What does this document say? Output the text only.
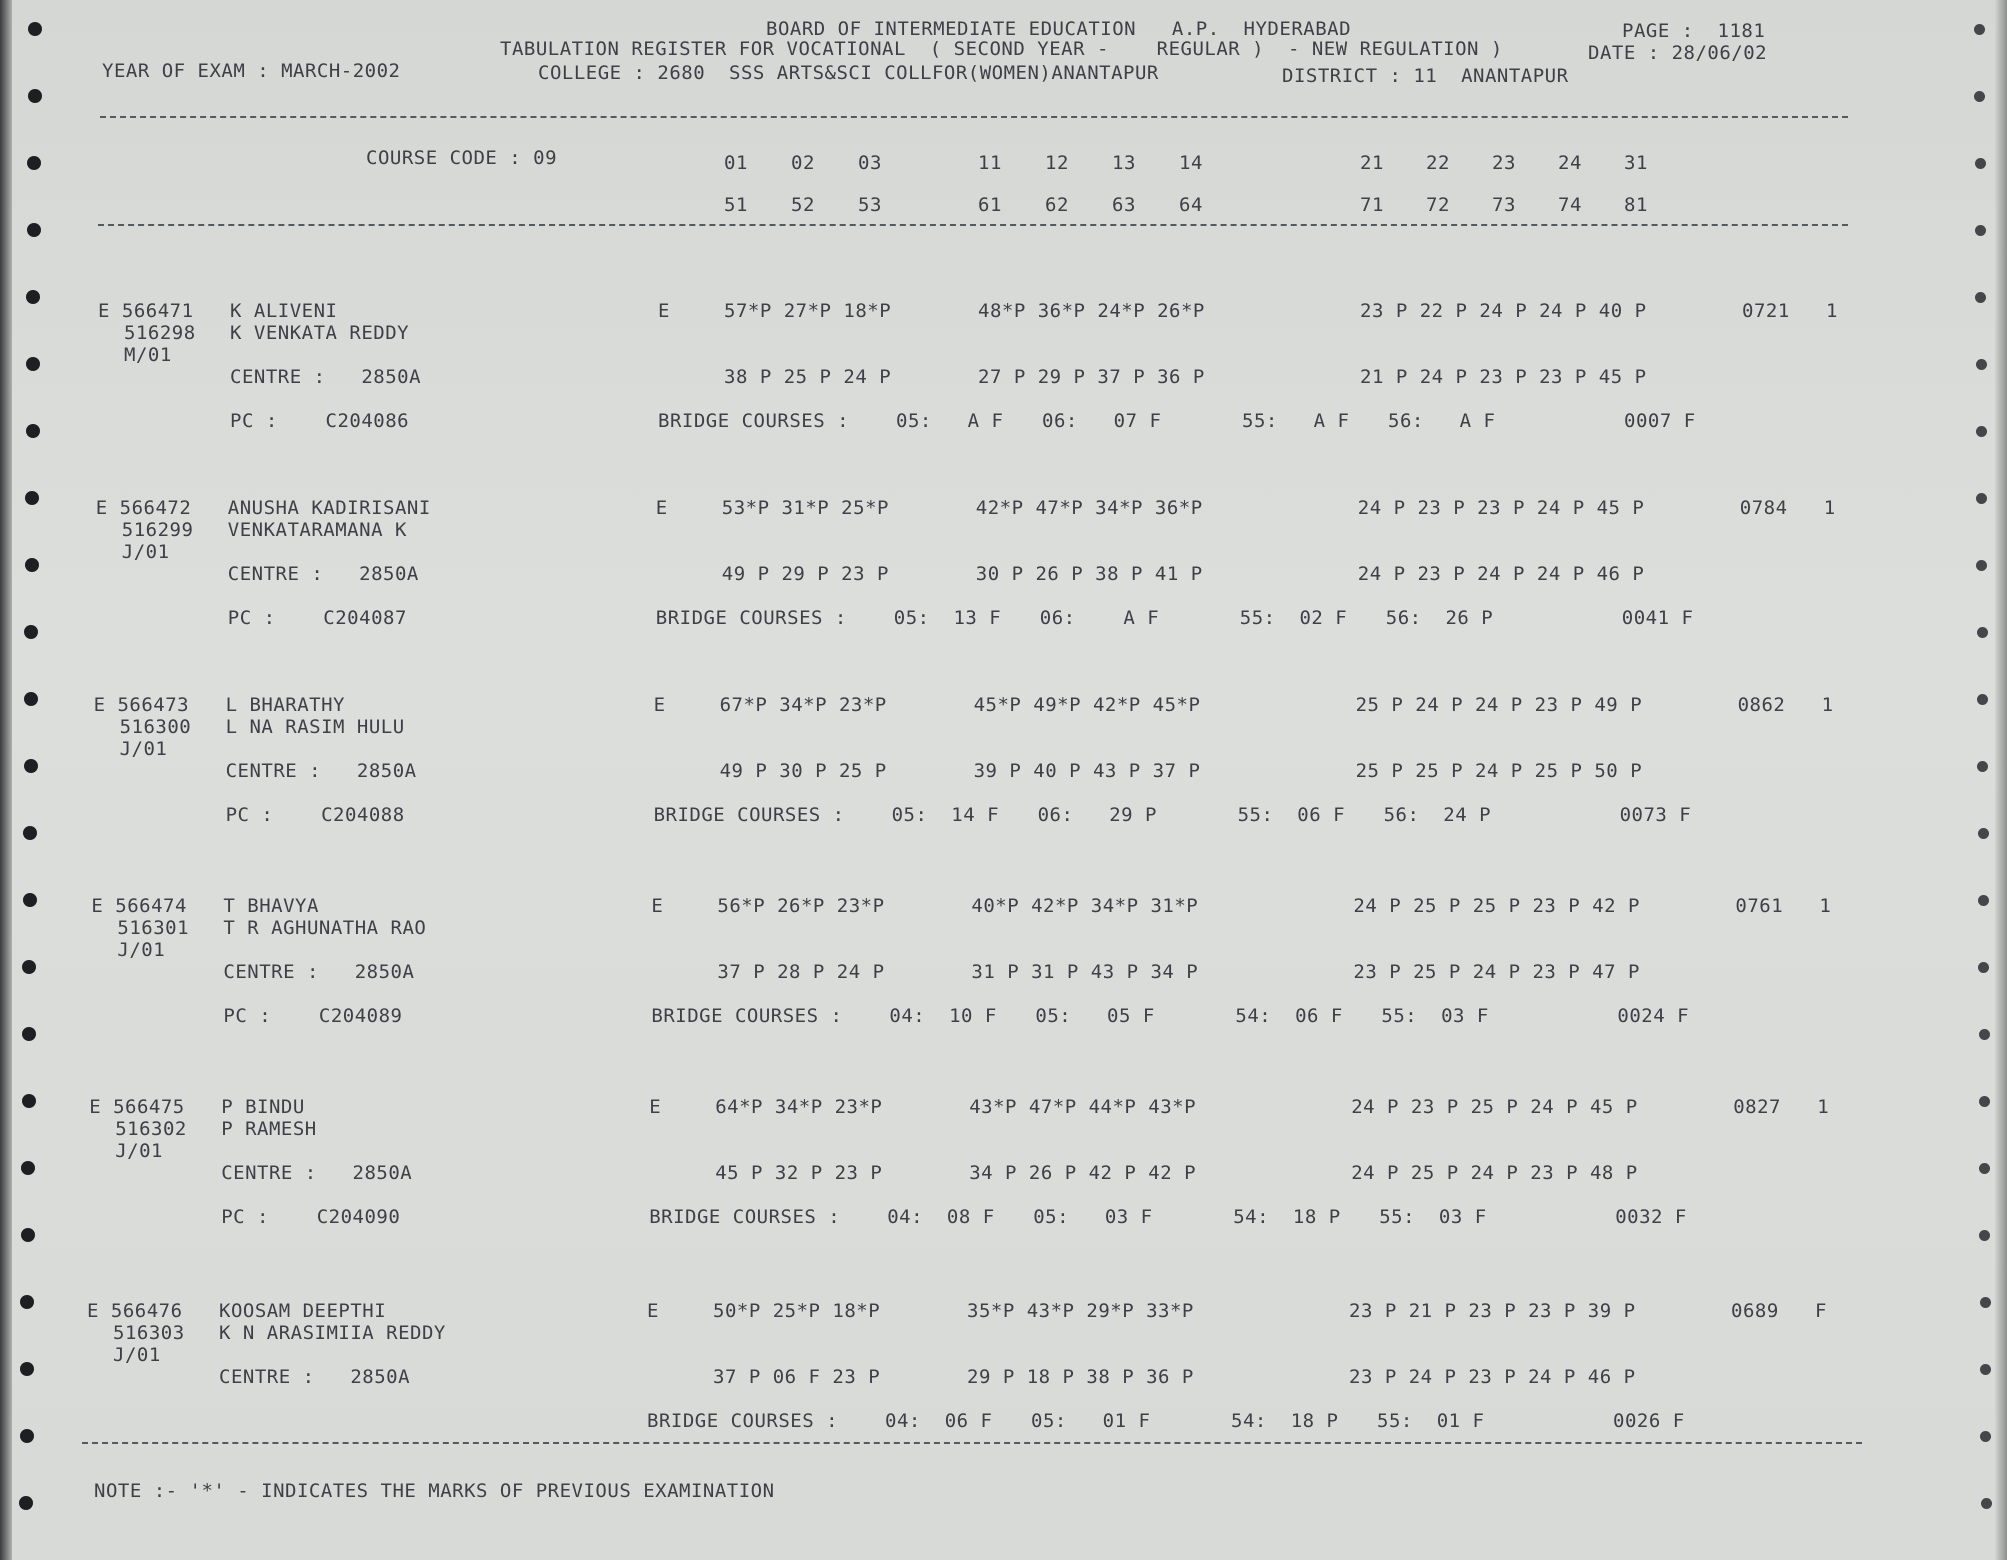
BOARD OF INTERMEDIATE EDUCATION   A.P.  HYDERABAD	PAGE :  1181
TABULATION REGISTER FOR VOCATIONAL  ( SECOND YEAR -    REGULAR )  - NEW REGULATION )	DATE : 28/06/02
YEAR OF EXAM : MARCH-2002	COLLEGE : 2680  SSS ARTS&SCI COLLFOR(WOMEN)ANANTAPUR	DISTRICT : 11  ANANTAPUR
COURSE CODE : 09	01 02 03	11 12 13 14	21 22 23 24 31
51 52 53	61 62 63 64	71 72 73 74 81
E 566471 K ALIVENI
516298 K VENKATA REDDY
M/01
E	57*P 27*P 18*P	48*P 36*P 24*P 26*P	23 P 22 P 24 P 24 P 40 P	0721 1
CENTRE :   2850A	38 P 25 P 24 P	27 P 29 P 37 P 36 P	21 P 24 P 23 P 23 P 45 P
PC :    C204086	BRIDGE COURSES : 05:   A F 06:   07 F	55:   A F 56:   A F	0007 F
E 566472 ANUSHA KADIRISANI
516299 VENKATARAMANA K
J/01
E	53*P 31*P 25*P	42*P 47*P 34*P 36*P	24 P 23 P 23 P 24 P 45 P	0784 1
CENTRE :   2850A	49 P 29 P 23 P	30 P 26 P 38 P 41 P	24 P 23 P 24 P 24 P 46 P
PC :    C204087	BRIDGE COURSES : 05:  13 F 06:    A F	55:  02 F 56:  26 P	0041 F
E 566473 L BHARATHY
516300 L NA RASIM HULU
J/01
E	67*P 34*P 23*P	45*P 49*P 42*P 45*P	25 P 24 P 24 P 23 P 49 P	0862 1
CENTRE :   2850A	49 P 30 P 25 P	39 P 40 P 43 P 37 P	25 P 25 P 24 P 25 P 50 P
PC :    C204088	BRIDGE COURSES : 05:  14 F 06:   29 P	55:  06 F 56:  24 P	0073 F
E 566474 T BHAVYA
516301 T R AGHUNATHA RAO
J/01
E	56*P 26*P 23*P	40*P 42*P 34*P 31*P	24 P 25 P 25 P 23 P 42 P	0761 1
CENTRE :   2850A	37 P 28 P 24 P	31 P 31 P 43 P 34 P	23 P 25 P 24 P 23 P 47 P
PC :    C204089	BRIDGE COURSES : 04:  10 F 05:   05 F	54:  06 F 55:  03 F	0024 F
E 566475 P BINDU
516302 P RAMESH
J/01
E	64*P 34*P 23*P	43*P 47*P 44*P 43*P	24 P 23 P 25 P 24 P 45 P	0827 1
CENTRE :   2850A	45 P 32 P 23 P	34 P 26 P 42 P 42 P	24 P 25 P 24 P 23 P 48 P
PC :    C204090	BRIDGE COURSES : 04:  08 F 05:   03 F	54:  18 P 55:  03 F	0032 F
E 566476 KOOSAM DEEPTHI
516303 K N ARASIMIIA REDDY
J/01
E	50*P 25*P 18*P	35*P 43*P 29*P 33*P	23 P 21 P 23 P 23 P 39 P	0689 F
CENTRE :   2850A	37 P 06 F 23 P	29 P 18 P 38 P 36 P	23 P 24 P 23 P 24 P 46 P
BRIDGE COURSES : 04:  06 F 05:   01 F	54:  18 P 55:  01 F	0026 F
NOTE :- '*' - INDICATES THE MARKS OF PREVIOUS EXAMINATION
